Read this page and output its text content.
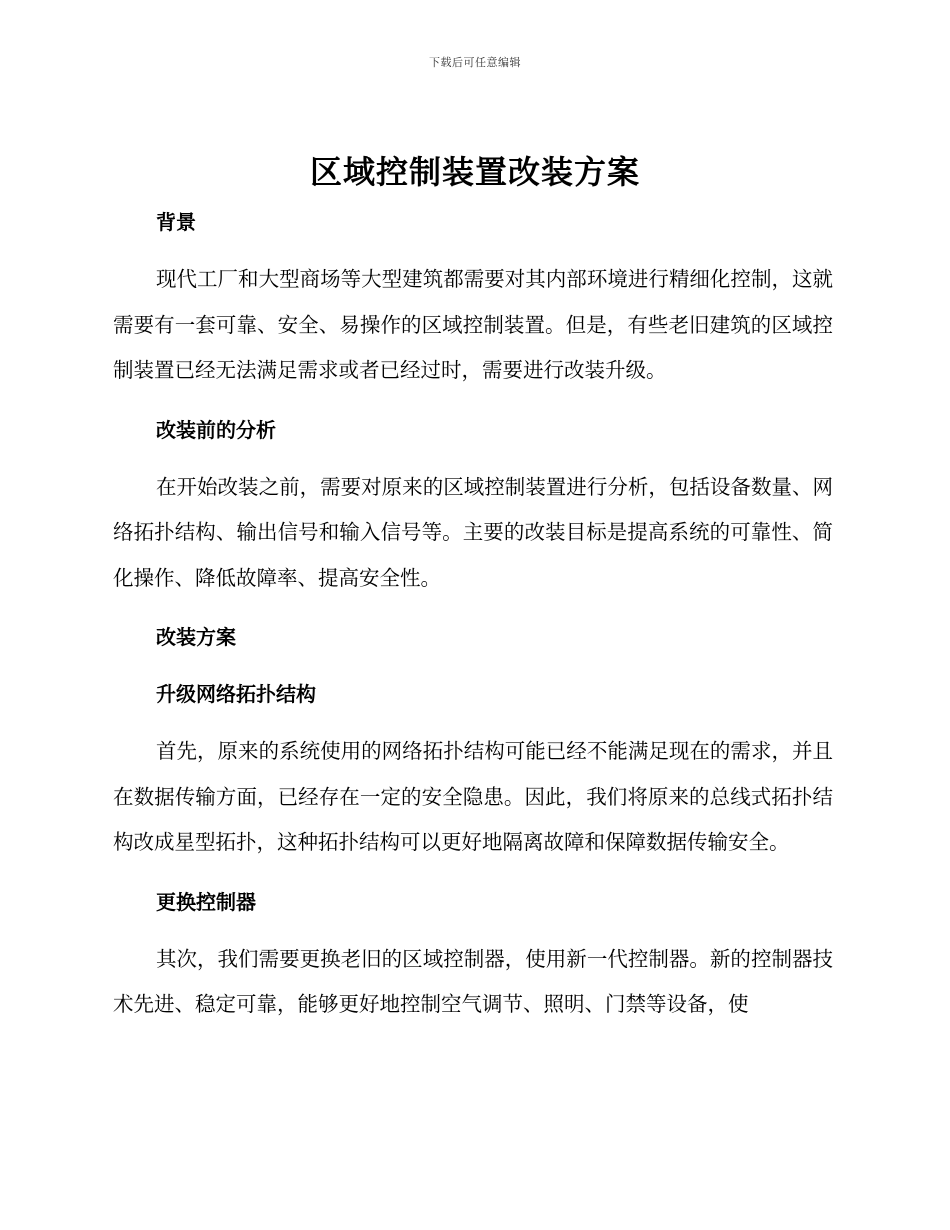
下载后可任意编辑
区域控制装置改装方案
背景

现代工厂和大型商场等大型建筑都需要对其内部环境进行精细化控制，这就需要有一套可靠、安全、易操作的区域控制装置。但是，有些老旧建筑的区域控制装置已经无法满足需求或者已经过时，需要进行改装升级。

改装前的分析

在开始改装之前，需要对原来的区域控制装置进行分析，包括设备数量、网络拓扑结构、输出信号和输入信号等。主要的改装目标是提高系统的可靠性、简化操作、降低故障率、提高安全性。

改装方案
升级网络拓扑结构

首先，原来的系统使用的网络拓扑结构可能已经不能满足现在的需求，并且在数据传输方面，已经存在一定的安全隐患。因此，我们将原来的总线式拓扑结构改成星型拓扑，这种拓扑结构可以更好地隔离故障和保障数据传输安全。

更换控制器

其次，我们需要更换老旧的区域控制器，使用新一代控制器。新的控制器技术先进、稳定可靠，能够更好地控制空气调节、照明、门禁等设备，使
